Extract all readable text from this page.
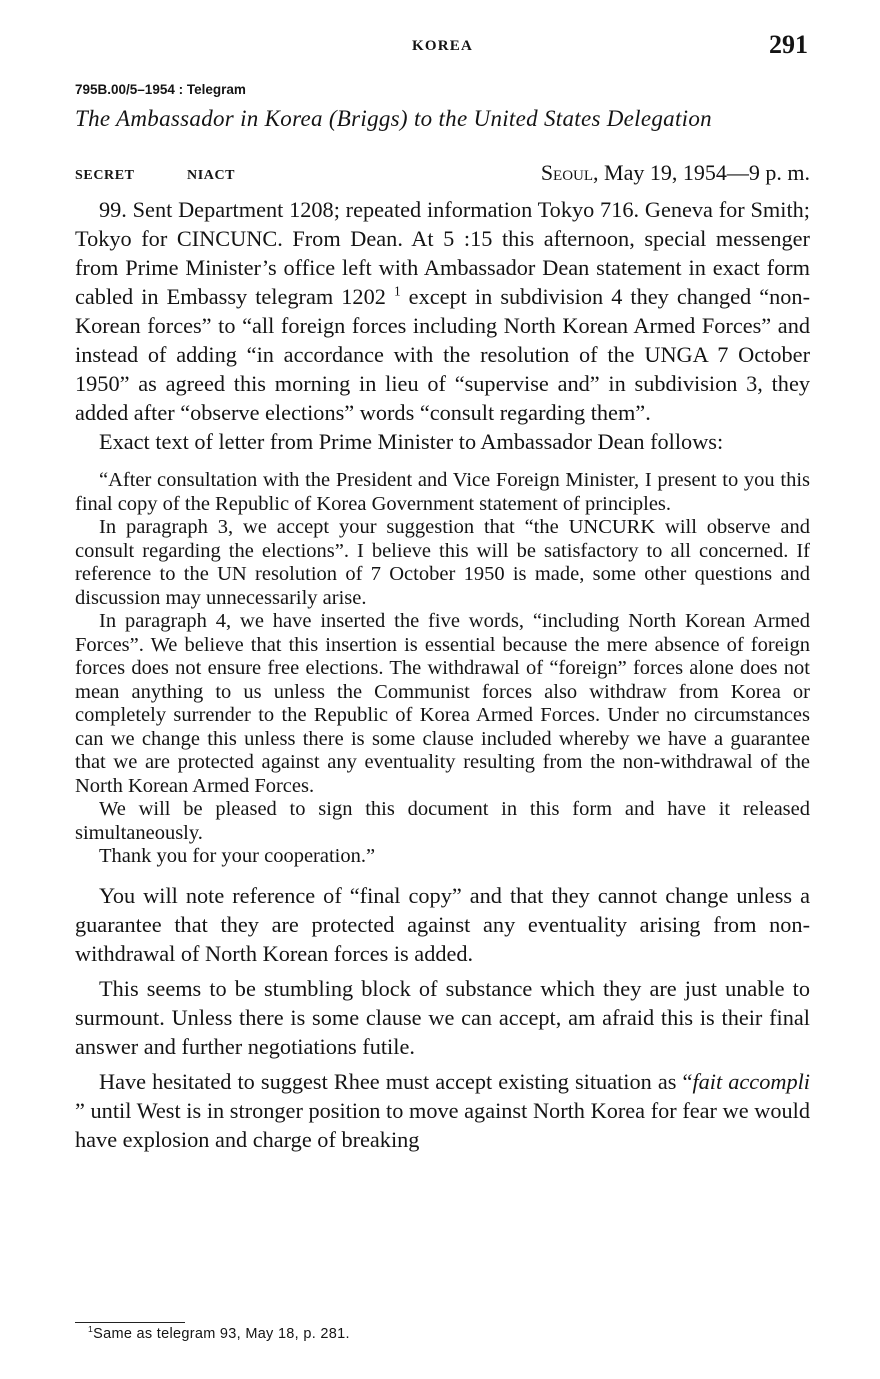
KOREA	291
795B.00/5–1954 : Telegram
The Ambassador in Korea (Briggs) to the United States Delegation
SECRET	NIACT	Seoul, May 19, 1954—9 p. m.

99. Sent Department 1208; repeated information Tokyo 716. Geneva for Smith; Tokyo for CINCUNC. From Dean. At 5 :15 this afternoon, special messenger from Prime Minister’s office left with Ambassador Dean statement in exact form cabled in Embassy telegram 1202 $^1$ except in subdivision 4 they changed “non-Korean forces” to “all foreign forces including North Korean Armed Forces” and instead of adding “in accordance with the resolution of the UNGA 7 October 1950” as agreed this morning in lieu of “supervise and” in subdivision 3, they added after “observe elections” words “consult regarding them”.

Exact text of letter from Prime Minister to Ambassador Dean follows:

“After consultation with the President and Vice Foreign Minister, I present to you this final copy of the Republic of Korea Government statement of principles.

In paragraph 3, we accept your suggestion that “the UNCURK will observe and consult regarding the elections”. I believe this will be satisfactory to all concerned. If reference to the UN resolution of 7 October 1950 is made, some other questions and discussion may unnecessarily arise.

In paragraph 4, we have inserted the five words, “including North Korean Armed Forces”. We believe that this insertion is essential because the mere absence of foreign forces does not ensure free elections. The withdrawal of “foreign” forces alone does not mean anything to us unless the Communist forces also withdraw from Korea or completely surrender to the Republic of Korea Armed Forces. Under no circumstances can we change this unless there is some clause included whereby we have a guarantee that we are protected against any eventuality resulting from the non-withdrawal of the North Korean Armed Forces.

We will be pleased to sign this document in this form and have it released simultaneously.

Thank you for your cooperation.”

You will note reference of “final copy” and that they cannot change unless a guarantee that they are protected against any eventuality arising from non-withdrawal of North Korean forces is added.

This seems to be stumbling block of substance which they are just unable to surmount. Unless there is some clause we can accept, am afraid this is their final answer and further negotiations futile.

Have hesitated to suggest Rhee must accept existing situation as “fait accompli ” until West is in stronger position to move against North Korea for fear we would have explosion and charge of breaking

$^1$Same as telegram 93, May 18, p. 281.
